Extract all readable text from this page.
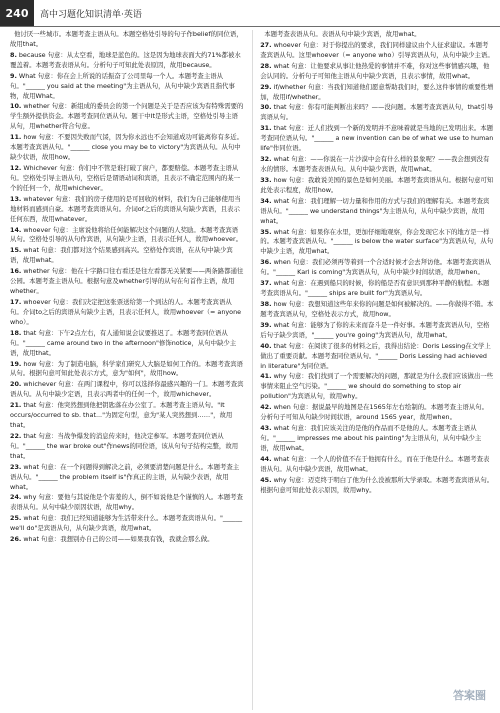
240	高中习题化知识清单·英语

他讨厌一些城市。本题考查主语从句。本题空格处引导的句子作belief的同位语，故用that。

8. because 句意：从太空看，地球是蓝色的。这是因为地球表面大约71%都被水覆盖着。本题考查表语从句。分析句子可知此处表原因，故用because。

9. What 句意：你在会上所说的话振奋了公司里每一个人。本题考查主语从句。"______ you said at the meeting"为主语从句，从句中缺少宾语且指代事物，故用What。

10. whether 句意：新组成的委员会的第一个问题是关于是否应该为有特殊需要的学生额外提供资金。本题考查同位语从句。题干中It是形式主语，空格处引导主语从句，用whether符合句意。

11. how 句意：不要因失败而气馁，因为你永远也不会知道成功可能离你有多近。本题考查宾语从句。"______ close you may be to victory"为宾语从句。从句中缺少状语，故用how。

12. Whichever 句意：你们中不管是谁打破了窗户，都要赔偿。本题考查主语从句。空格处引导主语从句，空格后是谓语动词和宾语，且表示不确定范围内的某一个的任何一个，故用whichever。

13. whatever 句意：我们的房子使用的是可回收的材料，我们为自己能够使用当地材料而感到自豪。本题考查宾语从句。介词of之后的宾语从句缺少宾语，且表示任何东西，故用whatever。

14. whoever 句意：主席说他将给任何能解决这个问题的人奖励。本题考查宾语从句。空格处引导的从句作宾语，从句缺少主语，且表示任何人，故用whoever。

15. what 句意：我们都对这个结果感到高兴。空格处作宾语，在从句中缺少宾语，故用what。

16. whether 句意：他在十字路口往右看还是往左看都无关紧要——两条路都通往公园。本题考查主语从句。根据句意及whether引导的从句在句首作主语，故用whether。

17. whoever 句意：我们决定把这张票送给第一个到达的人。本题考查宾语从句。介词to之后的宾语从句缺少主语，且表示任何人，故用whoever（= anyone who）。

18. that 句意：下午2点左右，有人通知说会议要推迟了。本题考查同位语从句。"______ came around two in the afternoon"修饰notice，从句中缺少主语，故用that。

19. how 句意：为了制造电脑，科学家们研究人大脑是如何工作的。本题考查宾语从句。根据句意可知此处表示方式，意为"如何"，故用how。

20. whichever 句意：在两门课程中，你可以选择你最感兴趣的一门。本题考查宾语从句。从句中缺少定语，且表示两者中的任何一个，故用whichever。

21. that 句意：他突然想到他把钥匙落在办公室了。本题考查主语从句。"It occurs/occurred to sb. that..."为固定句型，意为"某人突然想到……"，故用that。

22. that 句意：当战争爆发的消息传来时，他决定参军。本题考查同位语从句。"______ the war broke out"作news的同位语，该从句句子结构完整，故用that。

23. what 句意：在一个问题得到解决之前，必须要清楚问题是什么。本题考查主语从句。"______ the problem itself is"作真正的主语，从句缺少表语，故用what。

24. why 句意：要他与其说他是个害羞的人，倒不如说他是个谨慎的人。本题考查表语从句。从句中缺少原因状语，故用why。

25. what 句意：我们已经知道能够为生活带来什么。本题考查宾语从句。"______ we'll do"是宾语从句，从句缺少宾语，故用what。

26. what 句意：我想别办自己的公司——如果我有钱，我就会那么做。

本题考查表语从句。表语从句中缺少宾语，故用what。

27. whoever 句意：对于你提出的要求，我们同样建议由个人征求建议。本题考查宾语从句。这里whoever（= anyone who）引导宾语从句，从句中缺少主语。

28. what 句意：让他要求从事让他热爱的事情并不难，你对这些事情感兴趣，他会认同的。分析句子可知他主语从句中缺少宾语，且表示事情，故用what。

29. if/whether 句意：当我们知道他们愿意帮助我们时，要么这件事情的重要性增加，故用if/whether。

30. that 句意：你有可能判断出来吗？——没问题。本题考查宾语从句，that引导宾语从句。

31. that 句意：迁人们找到一个新的发明并不意味着就是当地的已发明出来。本题考查同位语从句。"______ a new invention can be of what we use to human life"作同位语。

32. what 句意：——你说在一片沙漠中会有什么样的景象呢？——我会想到没有水的情形。本题考查表语从句。从句中缺少宾语，故用what。

33. how 句意：我敢说美国的景色是如何美丽。本题考查宾语从句。根据句意可知此处表示程度，故用how。

34. what 句意：我们理解一切力量和作用的方式与我们的理解有关。本题考查宾语从句。"______ we understand things"为主语从句，从句中缺少宾语，故用what。

35. what 句意：如果你在水里，更加仔细地观察，你会发现它水下的地方是一样的。本题考查宾语从句。"______ is below the water surface"为宾语从句，从句中缺少主语，故用what。

36. when 句意：我们必须再等着到一个合适时候才会去拜访他。本题考查宾语从句。"______ Karl is coming"为宾语从句，从句中缺少时间状语，故用when。

37. what 句意：在遇到船只的时候，你的船是否有意识到那种平静的航程。本题考查宾语从句。"______ ships are built for"为宾语从句。

38. how 句意：我想知道这些年来你的问题是如何被解决的。——你做得不错。本题考查宾语从句，空格处表示方式，故用how。

39. what 句意：能够为了你的未来而奋斗是一件好事。本题考查宾语从句，空格后句子缺少宾语，"______ you're going"为宾语从句，故用what。

40. that 句意：在阅读了很多的材料之后，我得出结论：Doris Lessing在文学上做出了重要贡献。本题考查同位语从句。"______ Doris Lessing had achieved in literature"为同位语。

41. why 句意：我们找到了一个需要解决的问题，那就是为什么我们应该做出一些事情来阻止空气污染。"______ we should do something to stop air pollution"为宾语从句，故用why。

42. when 句意：据说最早的地图是在1565年左右绘制的。本题考查主语从句。分析句子可知从句缺少时间状语，around 1565 year，故用when。

43. what 句意：我们应该关注的是他的作品而不是他的人。本题考查主语从句。"______ impresses me about his painting"为主语从句，从句中缺少主语，故用what。

44. what 句意：一个人的价值不在于他拥有什么，而在于他是什么。本题考查表语从句。从句中缺少宾语，故用what。

45. why 句意：迈克终于明白了他为什么没被那所大学录取。本题考查宾语从句。根据句意可知此处表示原因，故用why。

答案圈
